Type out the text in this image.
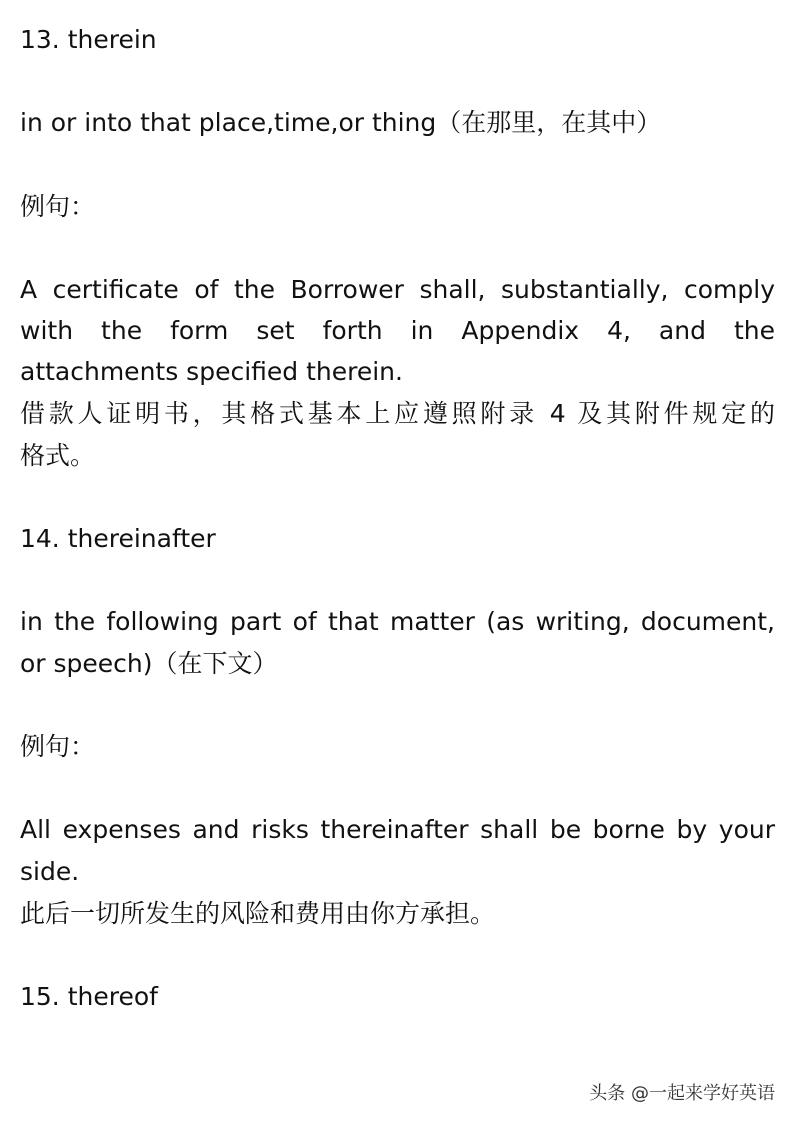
13. therein

in or into that place,time,or thing（在那里，在其中）

例句：

A certificate of the Borrower shall, substantially, comply

with the form set forth in Appendix 4, and the

attachments specified therein.

借款人证明书，其格式基本上应遵照附录 4 及其附件规定的

格式。

14. thereinafter

in the following part of that matter (as writing, document,

or speech)（在下文）

例句：

All expenses and risks thereinafter shall be borne by your

side.

此后一切所发生的风险和费用由你方承担。

15. thereof

头条 @一起来学好英语
